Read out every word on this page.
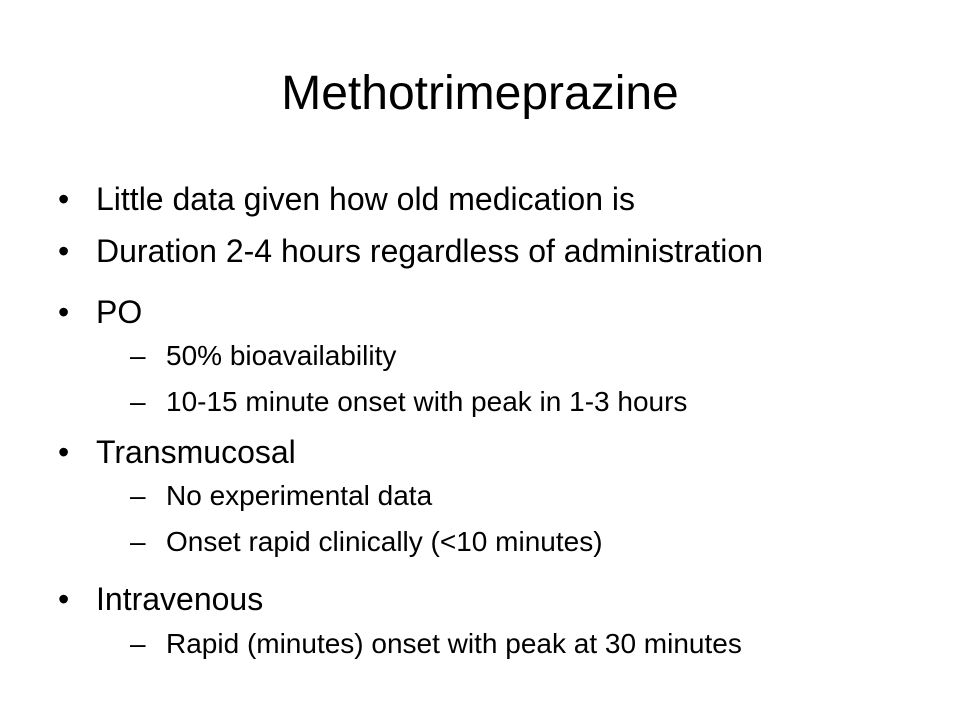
Methotrimeprazine
• Little data given how old medication is
• Duration 2-4 hours regardless of administration
• PO
– 50% bioavailability
– 10-15 minute onset with peak in 1-3 hours
• Transmucosal
– No experimental data
– Onset rapid clinically (<10 minutes)
• Intravenous
– Rapid (minutes) onset with peak at 30 minutes
